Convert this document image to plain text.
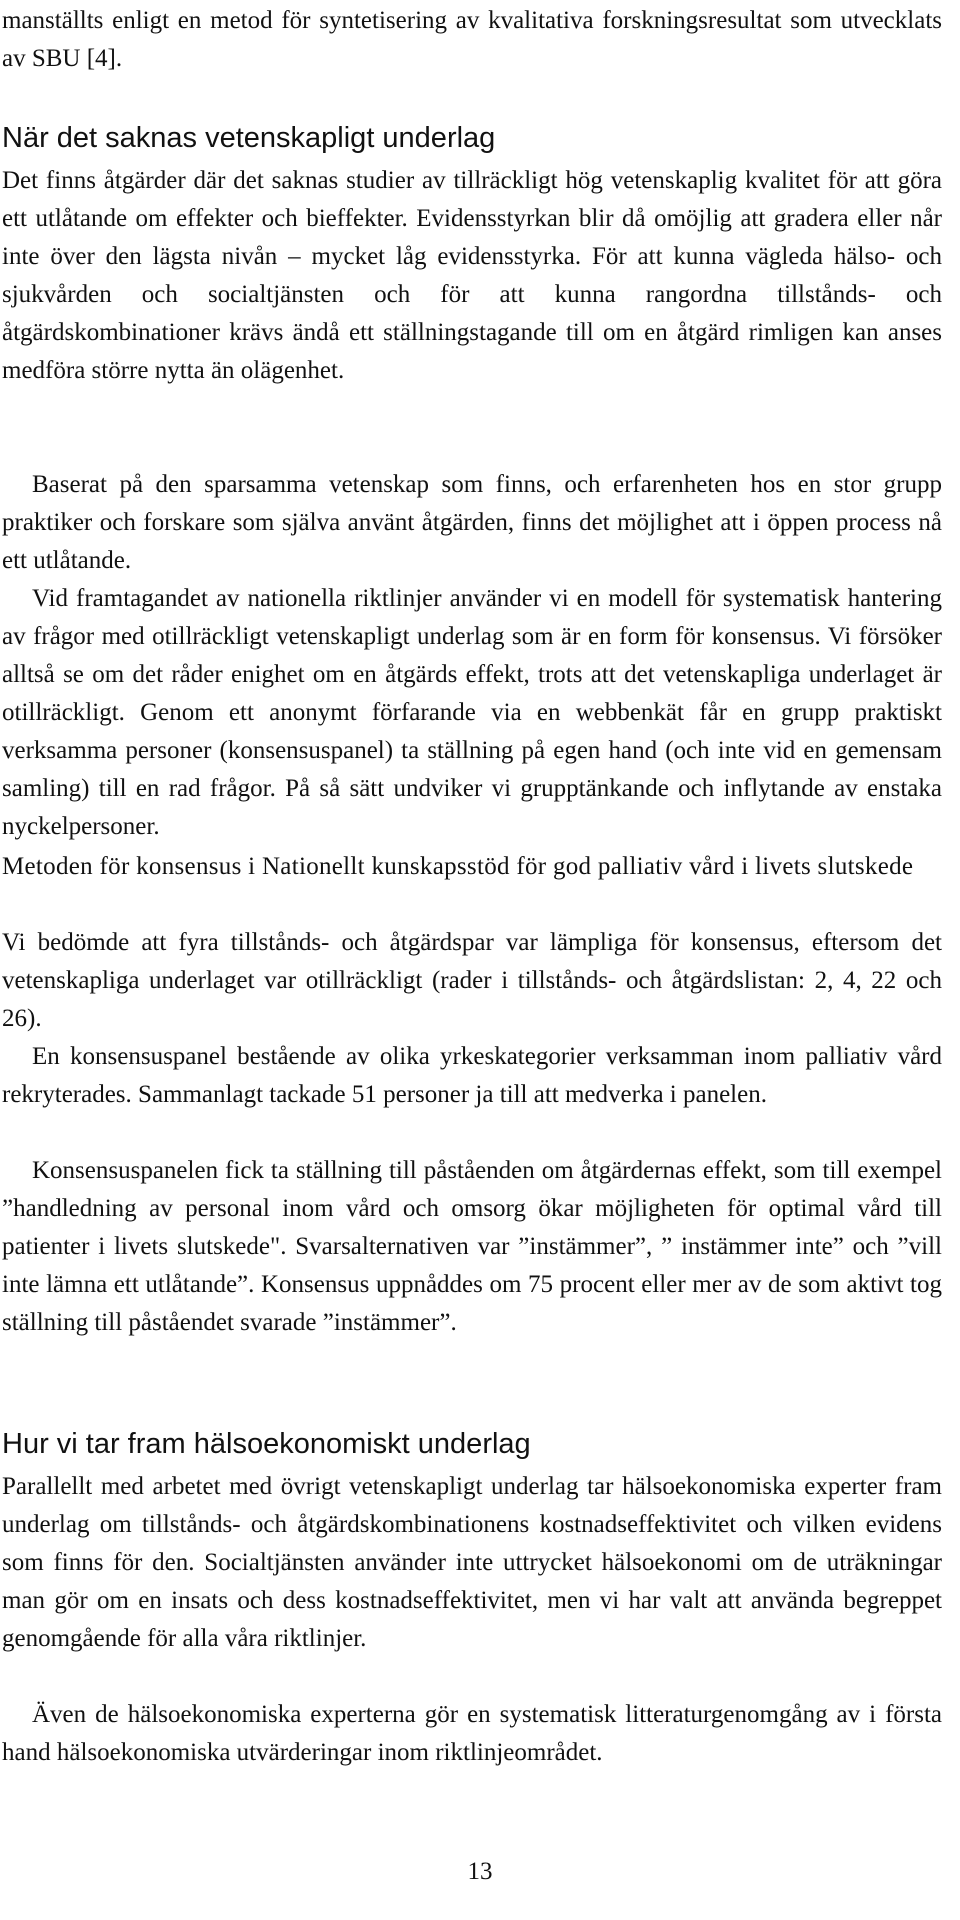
manställts enligt en metod för syntetisering av kvalitativa forskningsresultat som utvecklats av SBU [4].

När det saknas vetenskapligt underlag

Det finns åtgärder där det saknas studier av tillräckligt hög vetenskaplig kvalitet för att göra ett utlåtande om effekter och bieffekter. Evidensstyrkan blir då omöjlig att gradera eller når inte över den lägsta nivån – mycket låg evidensstyrka. För att kunna vägleda hälso- och sjukvården och socialtjänsten och för att kunna rangordna tillstånds- och åtgärdskombinationer krävs ändå ett ställningstagande till om en åtgärd rimligen kan anses medföra större nytta än olägenhet.

Baserat på den sparsamma vetenskap som finns, och erfarenheten hos en stor grupp praktiker och forskare som själva använt åtgärden, finns det möjlighet att i öppen process nå ett utlåtande.

Vid framtagandet av nationella riktlinjer använder vi en modell för systematisk hantering av frågor med otillräckligt vetenskapligt underlag som är en form för konsensus. Vi försöker alltså se om det råder enighet om en åtgärds effekt, trots att det vetenskapliga underlaget är otillräckligt. Genom ett anonymt förfarande via en webbenkät får en grupp praktiskt verksamma personer (konsensuspanel) ta ställning på egen hand (och inte vid en gemensam samling) till en rad frågor. På så sätt undviker vi grupptänkande och inflytande av enstaka nyckelpersoner.

Metoden för konsensus i Nationellt kunskapsstöd för god palliativ vård i livets slutskede

Vi bedömde att fyra tillstånds- och åtgärdspar var lämpliga för konsensus, eftersom det vetenskapliga underlaget var otillräckligt (rader i tillstånds- och åtgärdslistan: 2, 4, 22 och 26).

En konsensuspanel bestående av olika yrkeskategorier verksamman inom palliativ vård rekryterades. Sammanlagt tackade 51 personer ja till att medverka i panelen.

Konsensuspanelen fick ta ställning till påståenden om åtgärdernas effekt, som till exempel ”handledning av personal inom vård och omsorg ökar möjligheten för optimal vård till patienter i livets slutskede". Svarsalternativen var ”instämmer”, ” instämmer inte” och ”vill inte lämna ett utlåtande”. Konsensus uppnåddes om 75 procent eller mer av de som aktivt tog ställning till påståendet svarade ”instämmer”.

Hur vi tar fram hälsoekonomiskt underlag

Parallellt med arbetet med övrigt vetenskapligt underlag tar hälsoekonomiska experter fram underlag om tillstånds- och åtgärdskombinationens kostnadseffektivitet och vilken evidens som finns för den. Socialtjänsten använder inte uttrycket hälsoekonomi om de uträkningar man gör om en insats och dess kostnadseffektivitet, men vi har valt att använda begreppet genomgående för alla våra riktlinjer.

Även de hälsoekonomiska experterna gör en systematisk litteraturgenomgång av i första hand hälsoekonomiska utvärderingar inom riktlinjeområdet.

13
